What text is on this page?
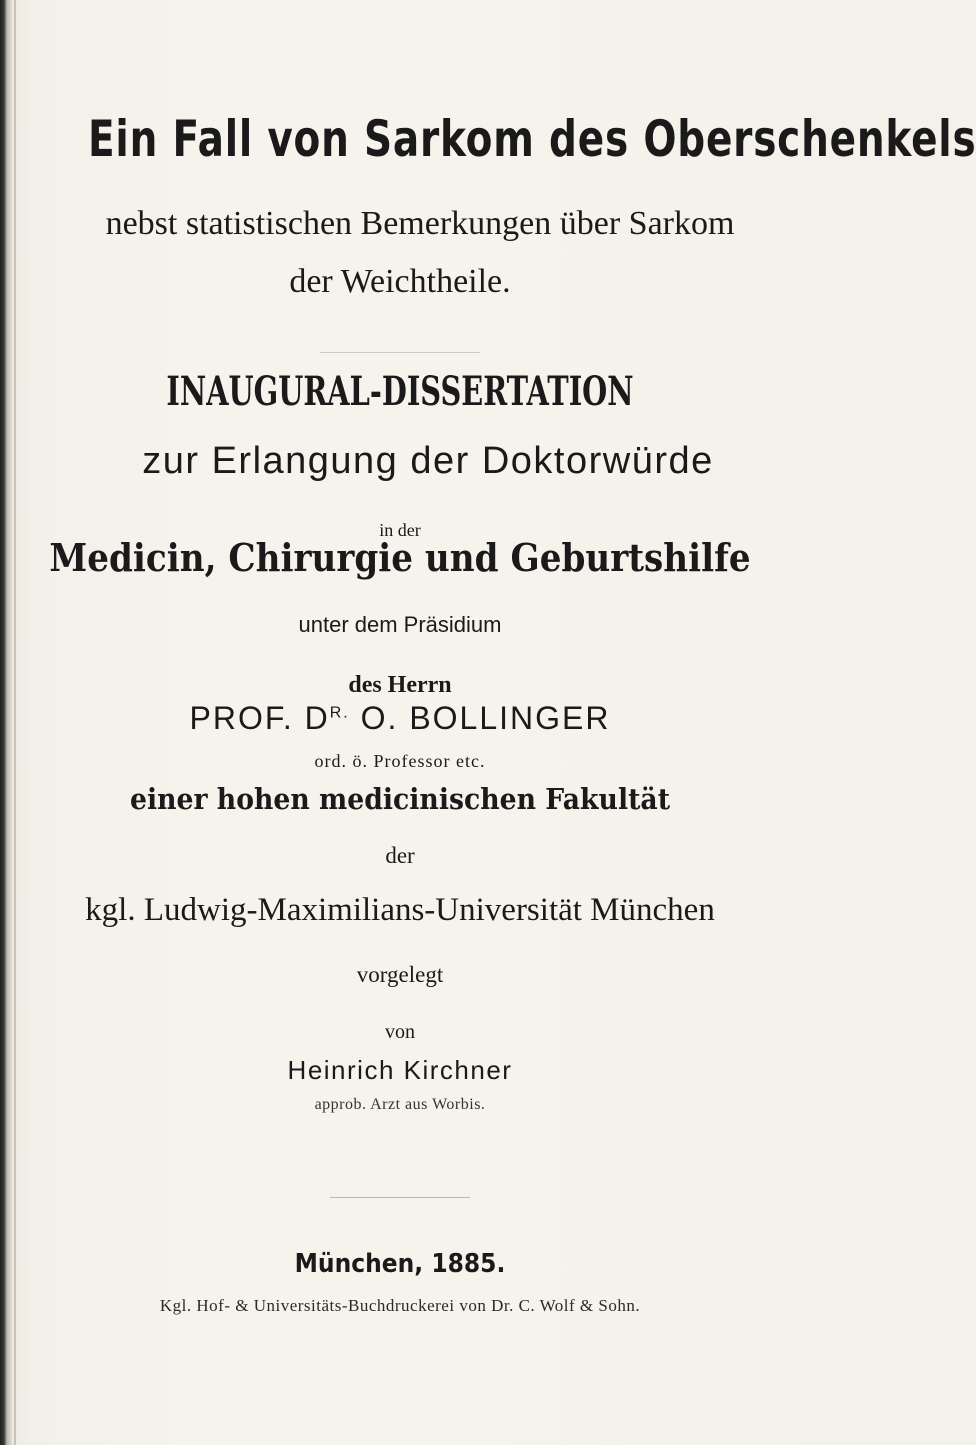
Ein Fall von Sarkom des Oberschenkels
nebst statistischen Bemerkungen über Sarkom
der Weichtheile.
INAUGURAL-DISSERTATION
zur Erlangung der Doktorwürde
in der
Medicin, Chirurgie und Geburtshilfe
unter dem Präsidium
des Herrn
PROF. $D^{R.}$ O. BOLLINGER
ord. ö. Professor etc.
einer hohen medicinischen Fakultät
der
kgl. Ludwig-Maximilians-Universität München
vorgelegt
von
Heinrich Kirchner
approb. Arzt aus Worbis.
München, 1885.
Kgl. Hof- & Universitäts-Buchdruckerei von Dr. C. Wolf & Sohn.
